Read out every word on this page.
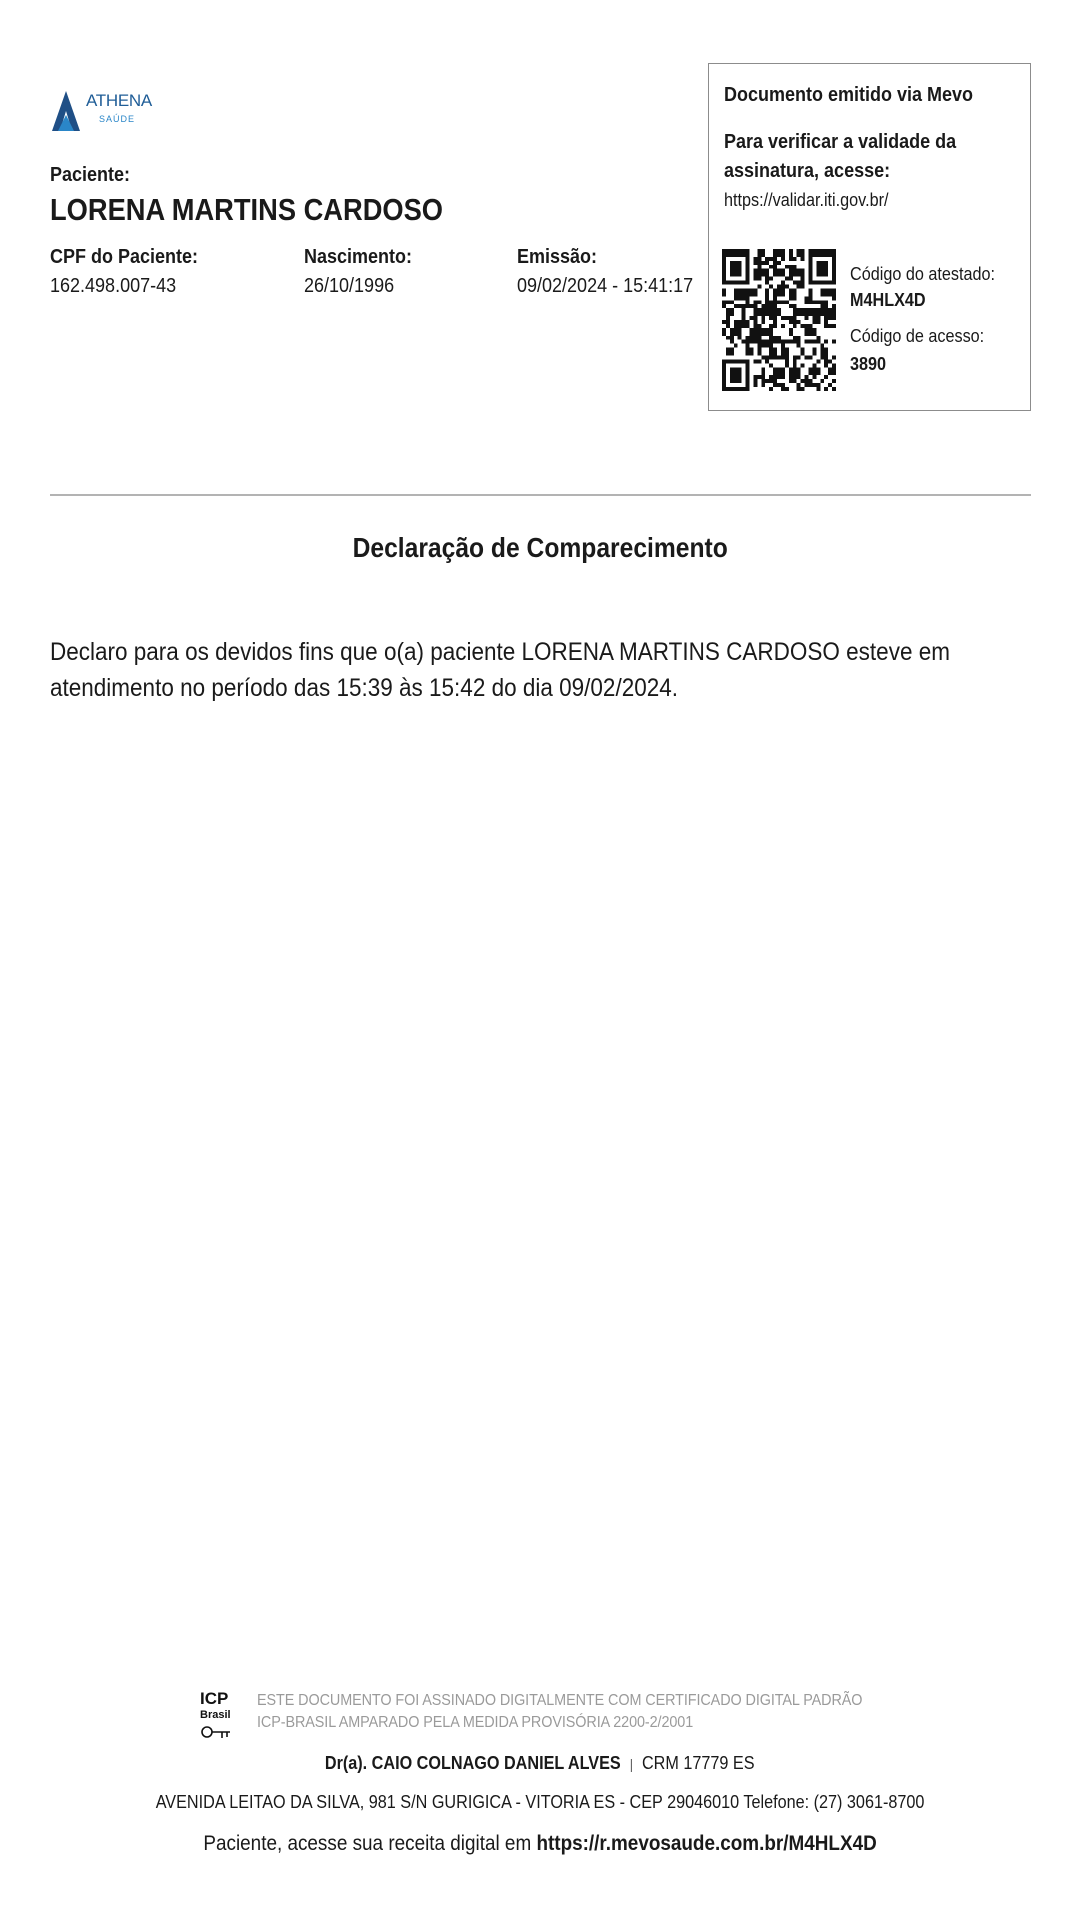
ATHENA
SAÚDE
Paciente:
LORENA MARTINS CARDOSO
CPF do Paciente:
162.498.007-43
Nascimento:
26/10/1996
Emissão:
09/02/2024 - 15:41:17
Documento emitido via Mevo
Para verificar a validade da assinatura, acesse:
https://validar.iti.gov.br/
Código do atestado:
M4HLX4D
Código de acesso:
3890
Declaração de Comparecimento
Declaro para os devidos fins que o(a) paciente LORENA MARTINS CARDOSO esteve em atendimento no período das 15:39 às 15:42 do dia 09/02/2024.
ICP
Brasil
ESTE DOCUMENTO FOI ASSINADO DIGITALMENTE COM CERTIFICADO DIGITAL PADRÃO
ICP-BRASIL AMPARADO PELA MEDIDA PROVISÓRIA 2200-2/2001
Dr(a). CAIO COLNAGO DANIEL ALVES | CRM 17779 ES
AVENIDA LEITAO DA SILVA, 981 S/N GURIGICA - VITORIA ES - CEP 29046010 Telefone: (27) 3061-8700
Paciente, acesse sua receita digital em https://r.mevosaude.com.br/M4HLX4D
